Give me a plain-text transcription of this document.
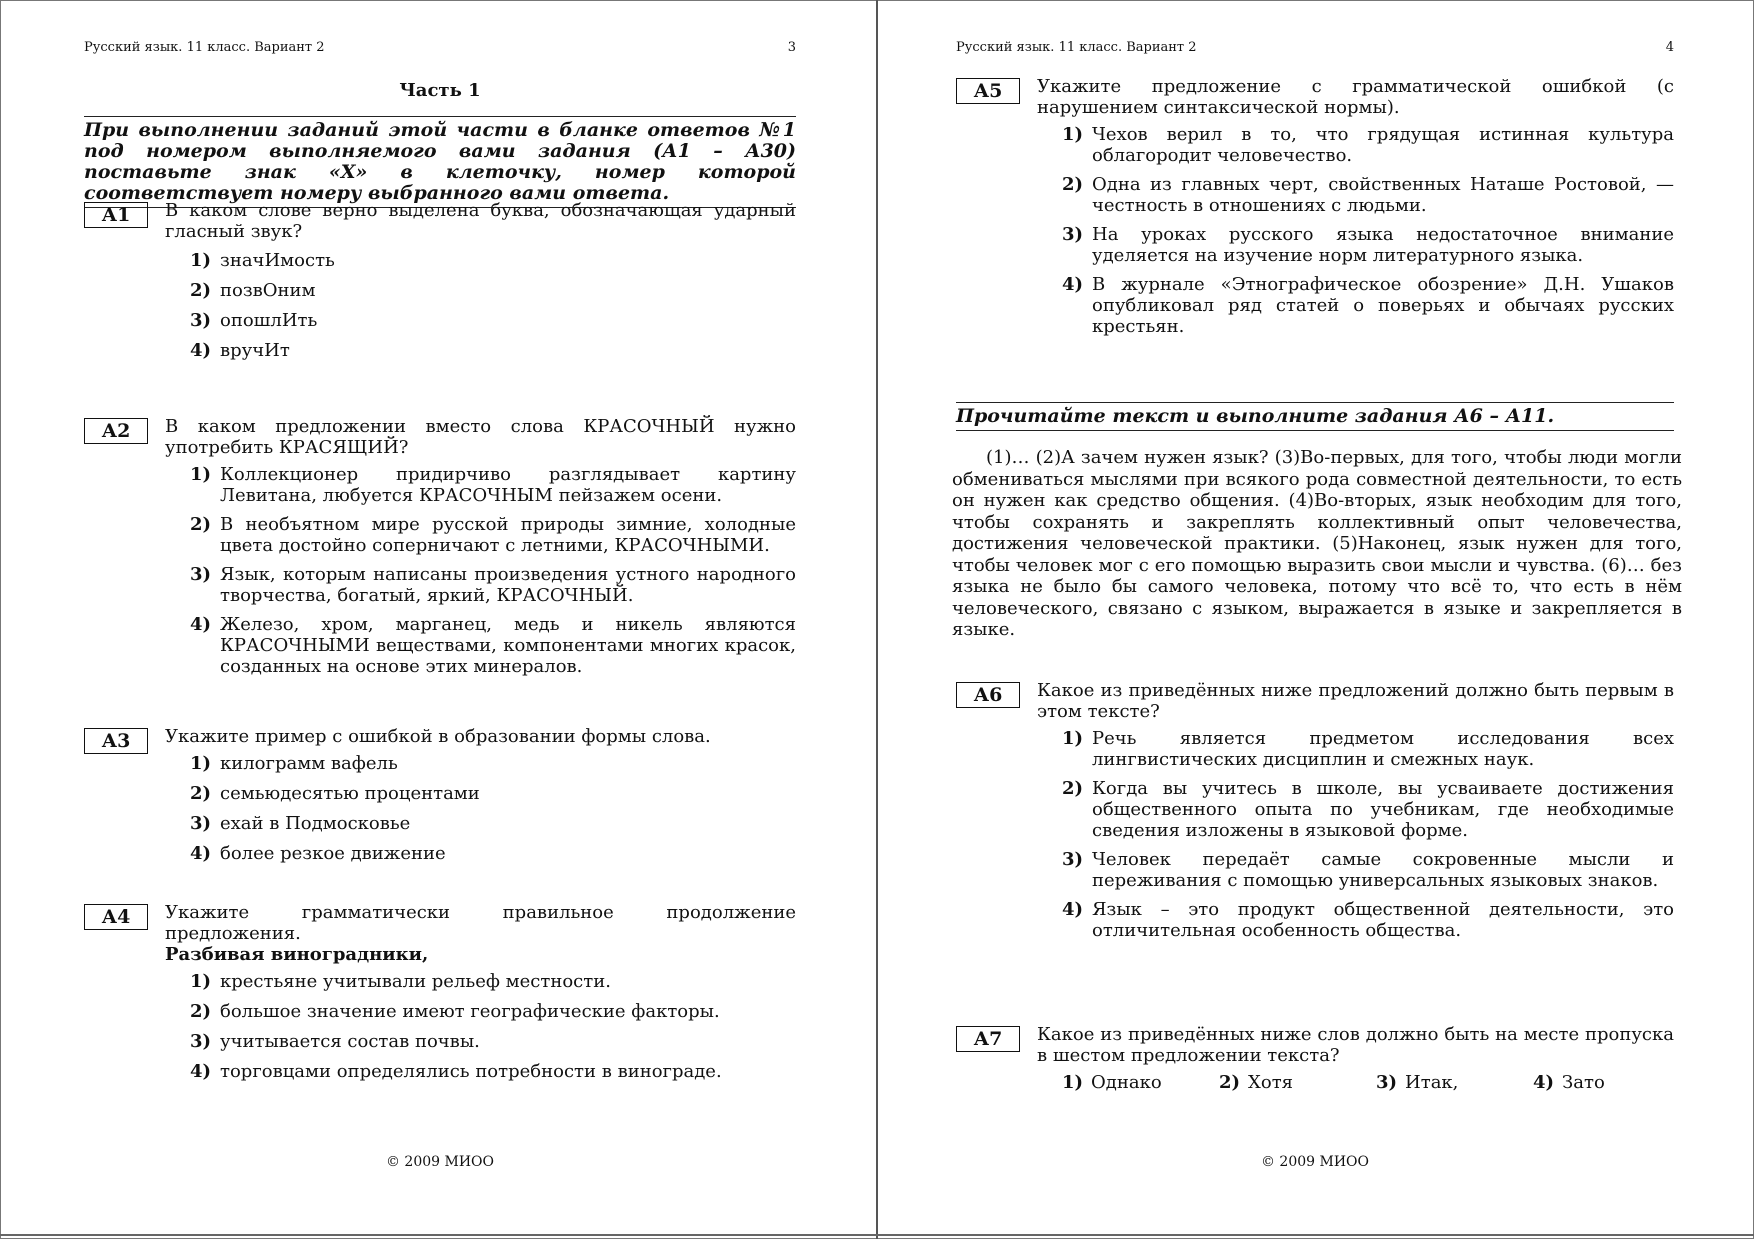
Русский язык. 11 класс. Вариант 2	3
Часть 1
При выполнении заданий этой части в бланке ответов №1 под номером выполняемого вами задания (А1 – А30) поставьте знак «Х» в клеточку, номер которой соответствует номеру выбранного вами ответа.
А1	В каком слове верно выделена буква, обозначающая ударный гласный звук?
1) значИмость
2) позвОним
3) опошлИть
4) вручИт
А2	В каком предложении вместо слова КРАСОЧНЫЙ нужно употребить КРАСЯЩИЙ?
1) Коллекционер придирчиво разглядывает картину Левитана, любуется КРАСОЧНЫМ пейзажем осени.
2) В необъятном мире русской природы зимние, холодные цвета достойно соперничают с летними, КРАСОЧНЫМИ.
3) Язык, которым написаны произведения устного народного творчества, богатый, яркий, КРАСОЧНЫЙ.
4) Железо, хром, марганец, медь и никель являются КРАСОЧНЫМИ веществами, компонентами многих красок, созданных на основе этих минералов.
А3	Укажите пример с ошибкой в образовании формы слова.
1) килограмм вафель
2) семьюдесятью процентами
3) ехай в Подмосковье
4) более резкое движение
А4	Укажите грамматически правильное продолжение предложения.
Разбивая виноградники,
1) крестьяне учитывали рельеф местности.
2) большое значение имеют географические факторы.
3) учитывается состав почвы.
4) торговцами определялись потребности в винограде.
© 2009 МИОО
Русский язык. 11 класс. Вариант 2	4
А5	Укажите предложение с грамматической ошибкой (с нарушением синтаксической нормы).
1) Чехов верил в то, что грядущая истинная культура облагородит человечество.
2) Одна из главных черт, свойственных Наташе Ростовой, — честность в отношениях с людьми.
3) На уроках русского языка недостаточное внимание уделяется на изучение норм литературного языка.
4) В журнале «Этнографическое обозрение» Д.Н. Ушаков опубликовал ряд статей о поверьях и обычаях русских крестьян.
Прочитайте текст и выполните задания А6 – А11.
(1)… (2)А зачем нужен язык? (3)Во-первых, для того, чтобы люди могли обмениваться мыслями при всякого рода совместной деятельности, то есть он нужен как средство общения. (4)Во-вторых, язык необходим для того, чтобы сохранять и закреплять коллективный опыт человечества, достижения человеческой практики. (5)Наконец, язык нужен для того, чтобы человек мог с его помощью выразить свои мысли и чувства. (6)… без языка не было бы самого человека, потому что всё то, что есть в нём человеческого, связано с языком, выражается в языке и закрепляется в языке.
А6	Какое из приведённых ниже предложений должно быть первым в этом тексте?
1) Речь является предметом исследования всех лингвистических дисциплин и смежных наук.
2) Когда вы учитесь в школе, вы усваиваете достижения общественного опыта по учебникам, где необходимые сведения изложены в языковой форме.
3) Человек передаёт самые сокровенные мысли и переживания с помощью универсальных языковых знаков.
4) Язык – это продукт общественной деятельности, это отличительная особенность общества.
А7	Какое из приведённых ниже слов должно быть на месте пропуска в шестом предложении текста?
1) Однако	2) Хотя	3) Итак,	4) Зато
© 2009 МИОО
